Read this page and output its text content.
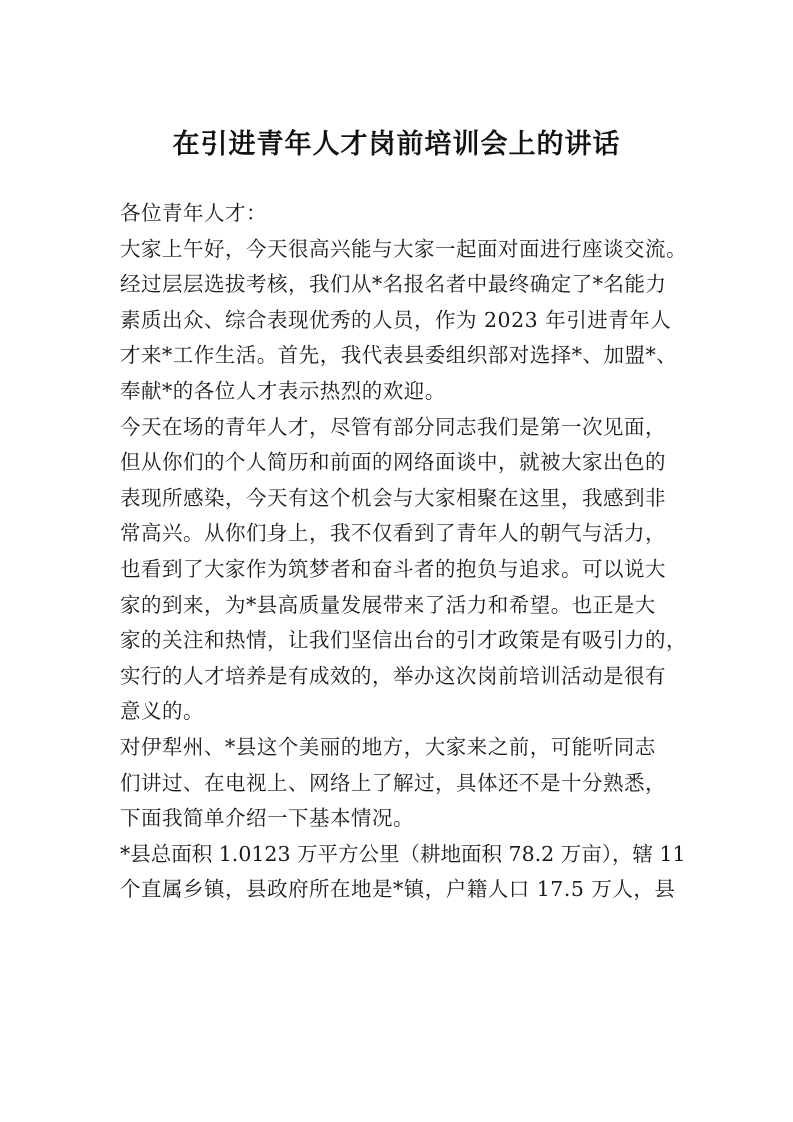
在引进青年人才岗前培训会上的讲话
各位青年人才：
大家上午好，今天很高兴能与大家一起面对面进行座谈交流。
经过层层选拔考核，我们从*名报名者中最终确定了*名能力
素质出众、综合表现优秀的人员，作为 2023 年引进青年人
才来*工作生活。首先，我代表县委组织部对选择*、加盟*、
奉献*的各位人才表示热烈的欢迎。
今天在场的青年人才，尽管有部分同志我们是第一次见面，
但从你们的个人简历和前面的网络面谈中，就被大家出色的
表现所感染，今天有这个机会与大家相聚在这里，我感到非
常高兴。从你们身上，我不仅看到了青年人的朝气与活力，
也看到了大家作为筑梦者和奋斗者的抱负与追求。可以说大
家的到来，为*县高质量发展带来了活力和希望。也正是大
家的关注和热情，让我们坚信出台的引才政策是有吸引力的，
实行的人才培养是有成效的，举办这次岗前培训活动是很有
意义的。
对伊犁州、*县这个美丽的地方，大家来之前，可能听同志
们讲过、在电视上、网络上了解过，具体还不是十分熟悉，
下面我简单介绍一下基本情况。
*县总面积 1.0123 万平方公里（耕地面积 78.2 万亩），辖 11
个直属乡镇，县政府所在地是*镇，户籍人口 17.5 万人，县
